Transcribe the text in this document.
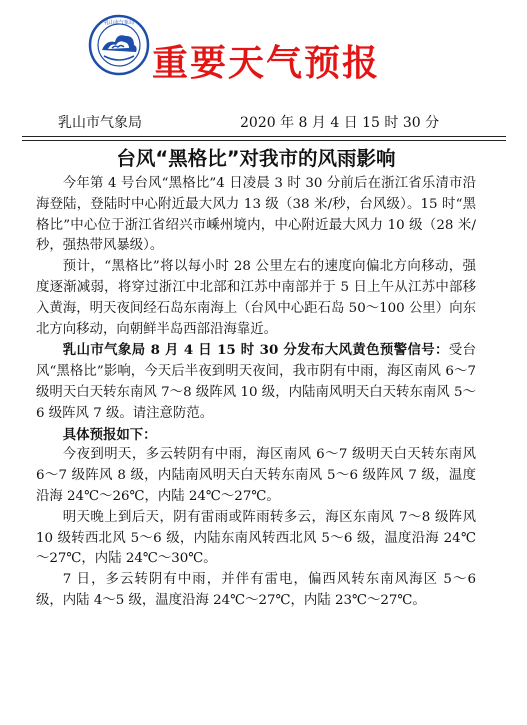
乳山市气象局
重要天气预报
乳山市气象局	2020 年 8 月 4 日 15 时 30 分
台风“黑格比”对我市的风雨影响

今年第 4 号台风“黑格比”4 日凌晨 3 时 30 分前后在浙江省乐清市沿海登陆，登陆时中心附近最大风力 13 级（38 米/秒，台风级）。15 时“黑格比”中心位于浙江省绍兴市嵊州境内，中心附近最大风力 10 级（28 米/秒，强热带风暴级）。

预计，“黑格比”将以每小时 28 公里左右的速度向偏北方向移动，强度逐渐减弱，将穿过浙江中北部和江苏中南部并于 5 日上午从江苏中部移入黄海，明天夜间经石岛东南海上（台风中心距石岛 50～100 公里）向东北方向移动，向朝鲜半岛西部沿海靠近。

乳山市气象局 8 月 4 日 15 时 30 分发布大风黄色预警信号：受台风“黑格比”影响，今天后半夜到明天夜间，我市阴有中雨，海区南风 6～7 级明天白天转东南风 7～8 级阵风 10 级，内陆南风明天白天转东南风 5～6 级阵风 7 级。请注意防范。

具体预报如下：

今夜到明天，多云转阴有中雨，海区南风 6～7 级明天白天转东南风 6～7 级阵风 8 级，内陆南风明天白天转东南风 5～6 级阵风 7 级，温度沿海 24℃～26℃，内陆 24℃～27℃。

明天晚上到后天，阴有雷雨或阵雨转多云，海区东南风 7～8 级阵风 10 级转西北风 5～6 级，内陆东南风转西北风 5～6 级，温度沿海 24℃～27℃，内陆 24℃～30℃。

7 日，多云转阴有中雨，并伴有雷电，偏西风转东南风海区 5～6 级，内陆 4～5 级，温度沿海 24℃～27℃，内陆 23℃～27℃。
